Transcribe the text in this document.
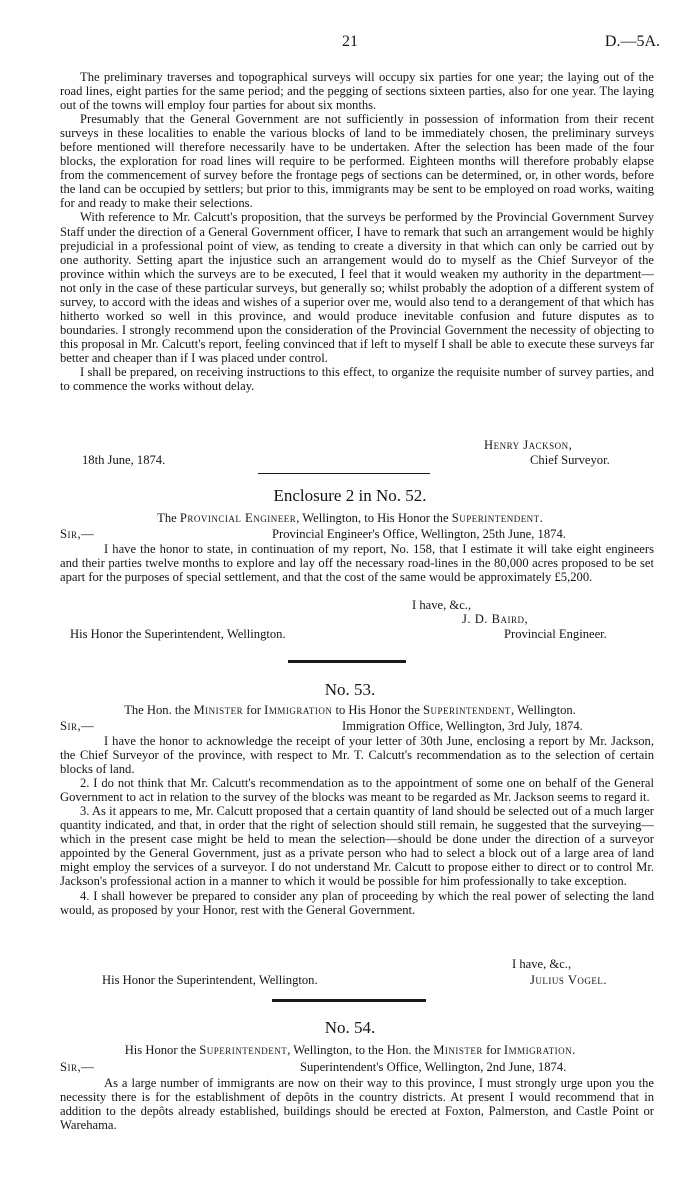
21	D.—5A.

The preliminary traverses and topographical surveys will occupy six parties for one year; the laying out of the road lines, eight parties for the same period; and the pegging of sections sixteen parties, also for one year. The laying out of the towns will employ four parties for about six months.

Presumably that the General Government are not sufficiently in possession of information from their recent surveys in these localities to enable the various blocks of land to be immediately chosen, the preliminary surveys before mentioned will therefore necessarily have to be undertaken. After the selection has been made of the four blocks, the exploration for road lines will require to be performed. Eighteen months will therefore probably elapse from the commencement of survey before the frontage pegs of sections can be determined, or, in other words, before the land can be occupied by settlers; but prior to this, immigrants may be sent to be employed on road works, waiting for and ready to make their selections.

With reference to Mr. Calcutt's proposition, that the surveys be performed by the Provincial Government Survey Staff under the direction of a General Government officer, I have to remark that such an arrangement would be highly prejudicial in a professional point of view, as tending to create a diversity in that which can only be carried out by one authority. Setting apart the injustice such an arrangement would do to myself as the Chief Surveyor of the province within which the surveys are to be executed, I feel that it would weaken my authority in the department—not only in the case of these particular surveys, but generally so; whilst probably the adoption of a different system of survey, to accord with the ideas and wishes of a superior over me, would also tend to a derangement of that which has hitherto worked so well in this province, and would produce inevitable confusion and future disputes as to boundaries. I strongly recommend upon the consideration of the Provincial Government the necessity of objecting to this proposal in Mr. Calcutt's report, feeling convinced that if left to myself I shall be able to execute these surveys far better and cheaper than if I was placed under control.

I shall be prepared, on receiving instructions to this effect, to organize the requisite number of survey parties, and to commence the works without delay.

Henry Jackson,
18th June, 1874.	Chief Surveyor.
Enclosure 2 in No. 52.
The Provincial Engineer, Wellington, to His Honor the Superintendent.
Sir,—	Provincial Engineer's Office, Wellington, 25th June, 1874.

I have the honor to state, in continuation of my report, No. 158, that I estimate it will take eight engineers and their parties twelve months to explore and lay off the necessary road-lines in the 80,000 acres proposed to be set apart for the purposes of special settlement, and that the cost of the same would be approximately £5,200.

I have, &c.,
J. D. Baird,
His Honor the Superintendent, Wellington.	Provincial Engineer.
No. 53.
The Hon. the Minister for Immigration to His Honor the Superintendent, Wellington.
Sir,—	Immigration Office, Wellington, 3rd July, 1874.

I have the honor to acknowledge the receipt of your letter of 30th June, enclosing a report by Mr. Jackson, the Chief Surveyor of the province, with respect to Mr. T. Calcutt's recommendation as to the selection of certain blocks of land.

2. I do not think that Mr. Calcutt's recommendation as to the appointment of some one on behalf of the General Government to act in relation to the survey of the blocks was meant to be regarded as Mr. Jackson seems to regard it.

3. As it appears to me, Mr. Calcutt proposed that a certain quantity of land should be selected out of a much larger quantity indicated, and that, in order that the right of selection should still remain, he suggested that the surveying—which in the present case might be held to mean the selection—should be done under the direction of a surveyor appointed by the General Government, just as a private person who had to select a block out of a large area of land might employ the services of a surveyor. I do not understand Mr. Calcutt to propose either to direct or to control Mr. Jackson's professional action in a manner to which it would be possible for him professionally to take exception.

4. I shall however be prepared to consider any plan of proceeding by which the real power of selecting the land would, as proposed by your Honor, rest with the General Government.

I have, &c.,
His Honor the Superintendent, Wellington.	Julius Vogel.
No. 54.
His Honor the Superintendent, Wellington, to the Hon. the Minister for Immigration.
Sir,—	Superintendent's Office, Wellington, 2nd June, 1874.

As a large number of immigrants are now on their way to this province, I must strongly urge upon you the necessity there is for the establishment of depôts in the country districts. At present I would recommend that in addition to the depôts already established, buildings should be erected at Foxton, Palmerston, and Castle Point or Warehama.
